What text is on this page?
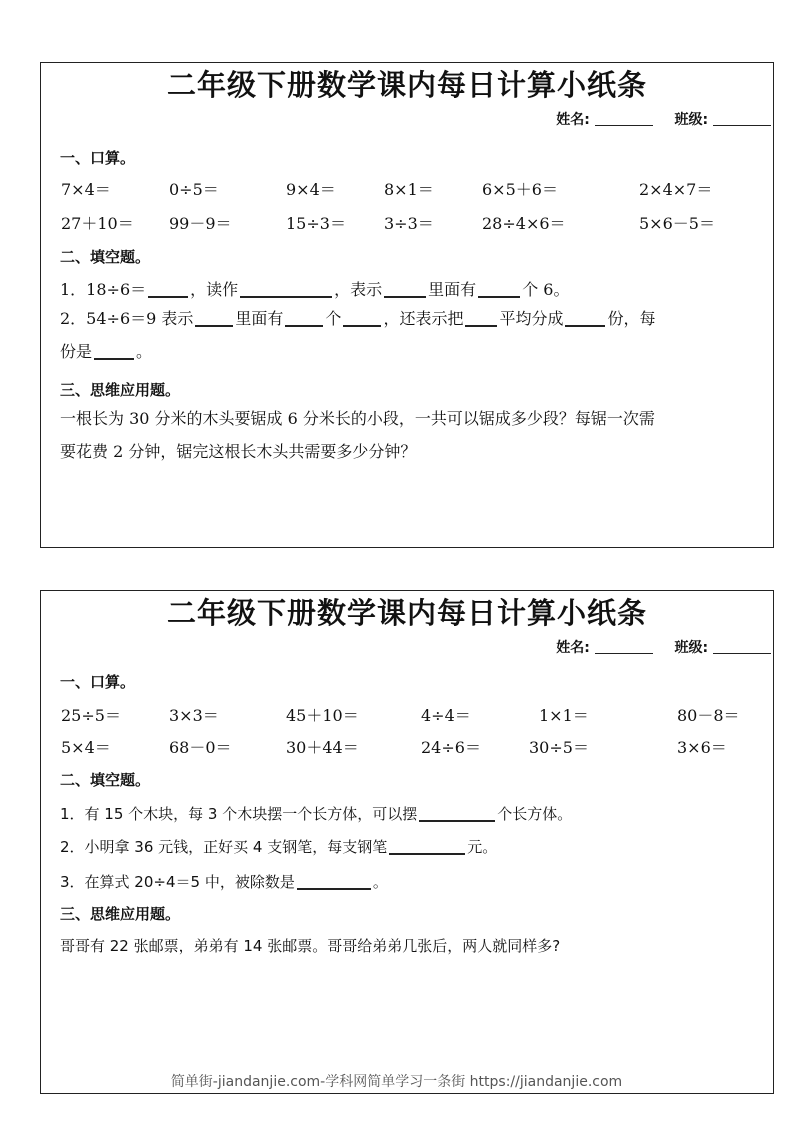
二年级下册数学课内每日计算小纸条
姓名:	班级:
一、口算。
7×4＝	0÷5＝	9×4＝	8×1＝	6×5＋6＝	2×4×7＝
27＋10＝ 99－9＝	15÷3＝ 3÷3＝	28÷4×6＝	5×6－5＝
二、填空题。
1．18÷6＝	，读作	，表示	里面有	个 6。
2．54÷6＝9 表示	里面有	个	，还表示把 平均分成	份，每
份是	。
三、思维应用题。
一根长为 30 分米的木头要锯成 6 分米长的小段，一共可以锯成多少段？每锯一次需
要花费 2 分钟，锯完这根长木头共需要多少分钟？
二年级下册数学课内每日计算小纸条
姓名:	班级:
一、口算。
25÷5＝	3×3＝	45＋10＝	4÷4＝	1×1＝	80－8＝
5×4＝	68－0＝	30＋44＝	24÷6＝	30÷5＝	3×6＝
二、填空题。
1．有 15 个木块，每 3 个木块摆一个长方体，可以摆	个长方体。
2．小明拿 36 元钱，正好买 4 支钢笔，每支钢笔	元。
3．在算式 20÷4＝5 中，被除数是	。
三、思维应用题。
哥哥有 22 张邮票，弟弟有 14 张邮票。哥哥给弟弟几张后，两人就同样多?
简单街-jiandanjie.com-学科网简单学习一条街 https://jiandanjie.com
